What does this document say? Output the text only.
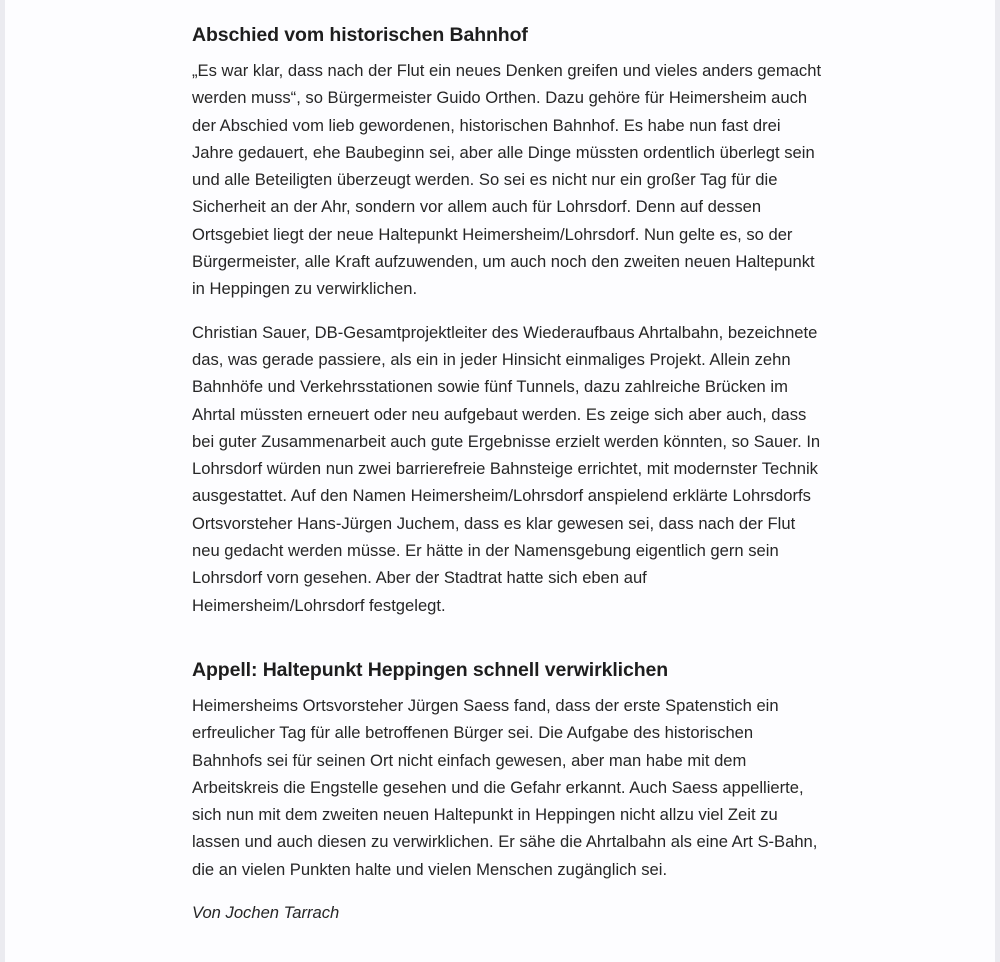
Abschied vom historischen Bahnhof

„Es war klar, dass nach der Flut ein neues Denken greifen und vieles anders gemacht werden muss“, so Bürgermeister Guido Orthen. Dazu gehöre für Heimersheim auch der Abschied vom lieb gewordenen, historischen Bahnhof. Es habe nun fast drei Jahre gedauert, ehe Baubeginn sei, aber alle Dinge müssten ordentlich überlegt sein und alle Beteiligten überzeugt werden. So sei es nicht nur ein großer Tag für die Sicherheit an der Ahr, sondern vor allem auch für Lohrsdorf. Denn auf dessen Ortsgebiet liegt der neue Haltepunkt Heimersheim/Lohrsdorf. Nun gelte es, so der Bürgermeister, alle Kraft aufzuwenden, um auch noch den zweiten neuen Haltepunkt in Heppingen zu verwirklichen.

Christian Sauer, DB-Gesamtprojektleiter des Wiederaufbaus Ahrtalbahn, bezeichnete das, was gerade passiere, als ein in jeder Hinsicht einmaliges Projekt. Allein zehn Bahnhöfe und Verkehrsstationen sowie fünf Tunnels, dazu zahlreiche Brücken im Ahrtal müssten erneuert oder neu aufgebaut werden. Es zeige sich aber auch, dass bei guter Zusammenarbeit auch gute Ergebnisse erzielt werden könnten, so Sauer. In Lohrsdorf würden nun zwei barrierefreie Bahnsteige errichtet, mit modernster Technik ausgestattet. Auf den Namen Heimersheim/Lohrsdorf anspielend erklärte Lohrsdorfs Ortsvorsteher Hans-Jürgen Juchem, dass es klar gewesen sei, dass nach der Flut neu gedacht werden müsse. Er hätte in der Namensgebung eigentlich gern sein Lohrsdorf vorn gesehen. Aber der Stadtrat hatte sich eben auf Heimersheim/Lohrsdorf festgelegt.

Appell: Haltepunkt Heppingen schnell verwirklichen

Heimersheims Ortsvorsteher Jürgen Saess fand, dass der erste Spatenstich ein erfreulicher Tag für alle betroffenen Bürger sei. Die Aufgabe des historischen Bahnhofs sei für seinen Ort nicht einfach gewesen, aber man habe mit dem Arbeitskreis die Engstelle gesehen und die Gefahr erkannt. Auch Saess appellierte, sich nun mit dem zweiten neuen Haltepunkt in Heppingen nicht allzu viel Zeit zu lassen und auch diesen zu verwirklichen. Er sähe die Ahrtalbahn als eine Art S-Bahn, die an vielen Punkten halte und vielen Menschen zugänglich sei.

Von Jochen Tarrach
